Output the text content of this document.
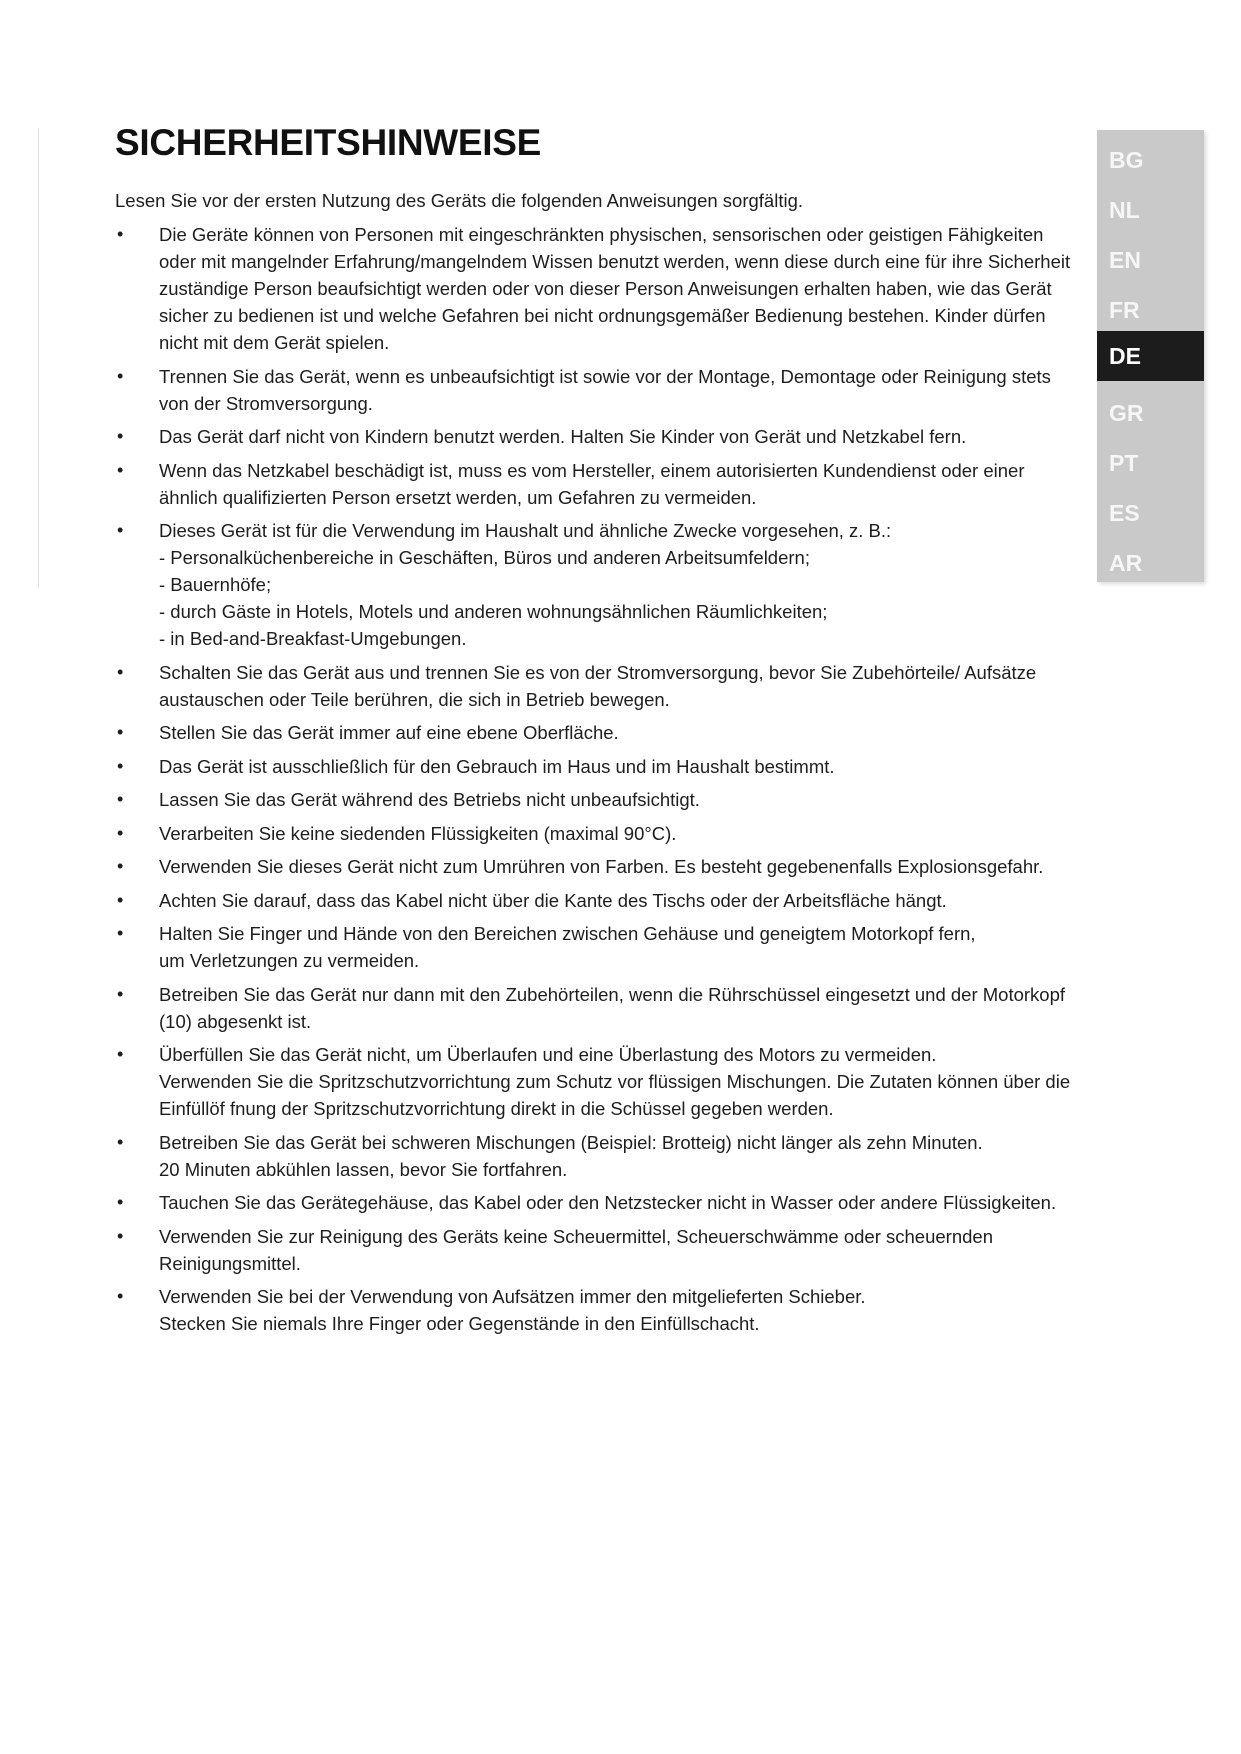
SICHERHEITSHINWEISE

Lesen Sie vor der ersten Nutzung des Geräts die folgenden Anweisungen sorgfältig.

•	Die Geräte können von Personen mit eingeschränkten physischen, sensorischen oder geistigen Fähigkeiten oder mit mangelnder Erfahrung/mangelndem Wissen benutzt werden, wenn diese durch eine für ihre Sicherheit zuständige Person beaufsichtigt werden oder von dieser Person Anweisungen erhalten haben, wie das Gerät sicher zu bedienen ist und welche Gefahren bei nicht ordnungsgemäßer Bedienung bestehen. Kinder dürfen nicht mit dem Gerät spielen.
•	Trennen Sie das Gerät, wenn es unbeaufsichtigt ist sowie vor der Montage, Demontage oder Reinigung stets von der Stromversorgung.
•	Das Gerät darf nicht von Kindern benutzt werden. Halten Sie Kinder von Gerät und Netzkabel fern.
•	Wenn das Netzkabel beschädigt ist, muss es vom Hersteller, einem autorisierten Kundendienst oder einer ähnlich qualifizierten Person ersetzt werden, um Gefahren zu vermeiden.
•	Dieses Gerät ist für die Verwendung im Haushalt und ähnliche Zwecke vorgesehen, z. B.:
- Personalküchenbereiche in Geschäften, Büros und anderen Arbeitsumfeldern;
- Bauernhöfe;
- durch Gäste in Hotels, Motels und anderen wohnungsähnlichen Räumlichkeiten;
- in Bed-and-Breakfast-Umgebungen.
•	Schalten Sie das Gerät aus und trennen Sie es von der Stromversorgung, bevor Sie Zubehörteile/ Aufsätze austauschen oder Teile berühren, die sich in Betrieb bewegen.
•	Stellen Sie das Gerät immer auf eine ebene Oberfläche.
•	Das Gerät ist ausschließlich für den Gebrauch im Haus und im Haushalt bestimmt.
•	Lassen Sie das Gerät während des Betriebs nicht unbeaufsichtigt.
•	Verarbeiten Sie keine siedenden Flüssigkeiten (maximal 90°C).
•	Verwenden Sie dieses Gerät nicht zum Umrühren von Farben. Es besteht gegebenenfalls Explosionsgefahr.
•	Achten Sie darauf, dass das Kabel nicht über die Kante des Tischs oder der Arbeitsfläche hängt.
•	Halten Sie Finger und Hände von den Bereichen zwischen Gehäuse und geneigtem Motorkopf fern,
um Verletzungen zu vermeiden.
•	Betreiben Sie das Gerät nur dann mit den Zubehörteilen, wenn die Rührschüssel eingesetzt und der Motorkopf (10) abgesenkt ist.
•	Überfüllen Sie das Gerät nicht, um Überlaufen und eine Überlastung des Motors zu vermeiden.
Verwenden Sie die Spritzschutzvorrichtung zum Schutz vor flüssigen Mischungen. Die Zutaten können über die Einfüllöf fnung der Spritzschutzvorrichtung direkt in die Schüssel gegeben werden.
•	Betreiben Sie das Gerät bei schweren Mischungen (Beispiel: Brotteig) nicht länger als zehn Minuten.
20 Minuten abkühlen lassen, bevor Sie fortfahren.
•	Tauchen Sie das Gerätegehäuse, das Kabel oder den Netzstecker nicht in Wasser oder andere Flüssigkeiten.
•	Verwenden Sie zur Reinigung des Geräts keine Scheuermittel, Scheuerschwämme oder scheuernden Reinigungsmittel.
•	Verwenden Sie bei der Verwendung von Aufsätzen immer den mitgelieferten Schieber.
Stecken Sie niemals Ihre Finger oder Gegenstände in den Einfüllschacht.
BG
NL
EN
FR
DE
GR
PT
ES
AR
